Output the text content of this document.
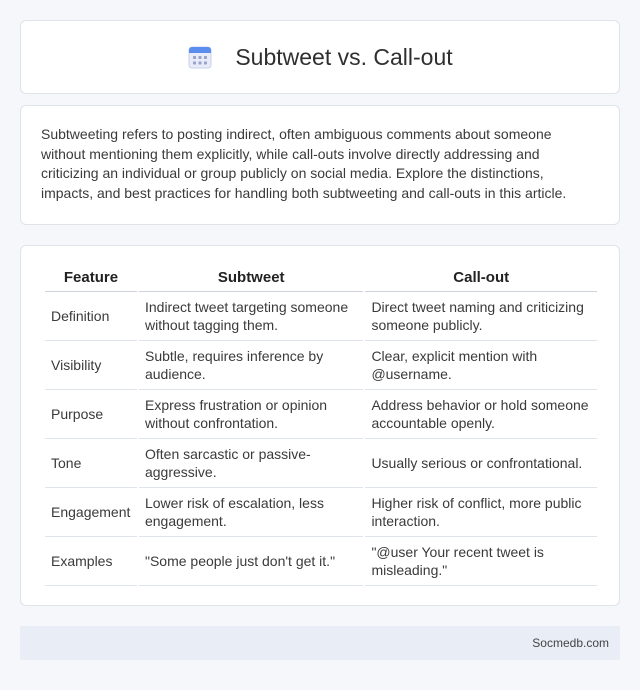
Subtweet vs. Call-out

Subtweeting refers to posting indirect, often ambiguous comments about someone without mentioning them explicitly, while call-outs involve directly addressing and criticizing an individual or group publicly on social media. Explore the distinctions, impacts, and best practices for handling both subtweeting and call-outs in this article.

Feature	Subtweet	Call-out
Definition	Indirect tweet targeting someone without tagging them.	Direct tweet naming and criticizing someone publicly.
Visibility	Subtle, requires inference by audience.	Clear, explicit mention with @username.
Purpose	Express frustration or opinion without confrontation.	Address behavior or hold someone accountable openly.
Tone	Often sarcastic or passive-aggressive.	Usually serious or confrontational.
Engagement	Lower risk of escalation, less engagement.	Higher risk of conflict, more public interaction.
Examples	"Some people just don't get it."	"@user Your recent tweet is misleading."
Socmedb.com
